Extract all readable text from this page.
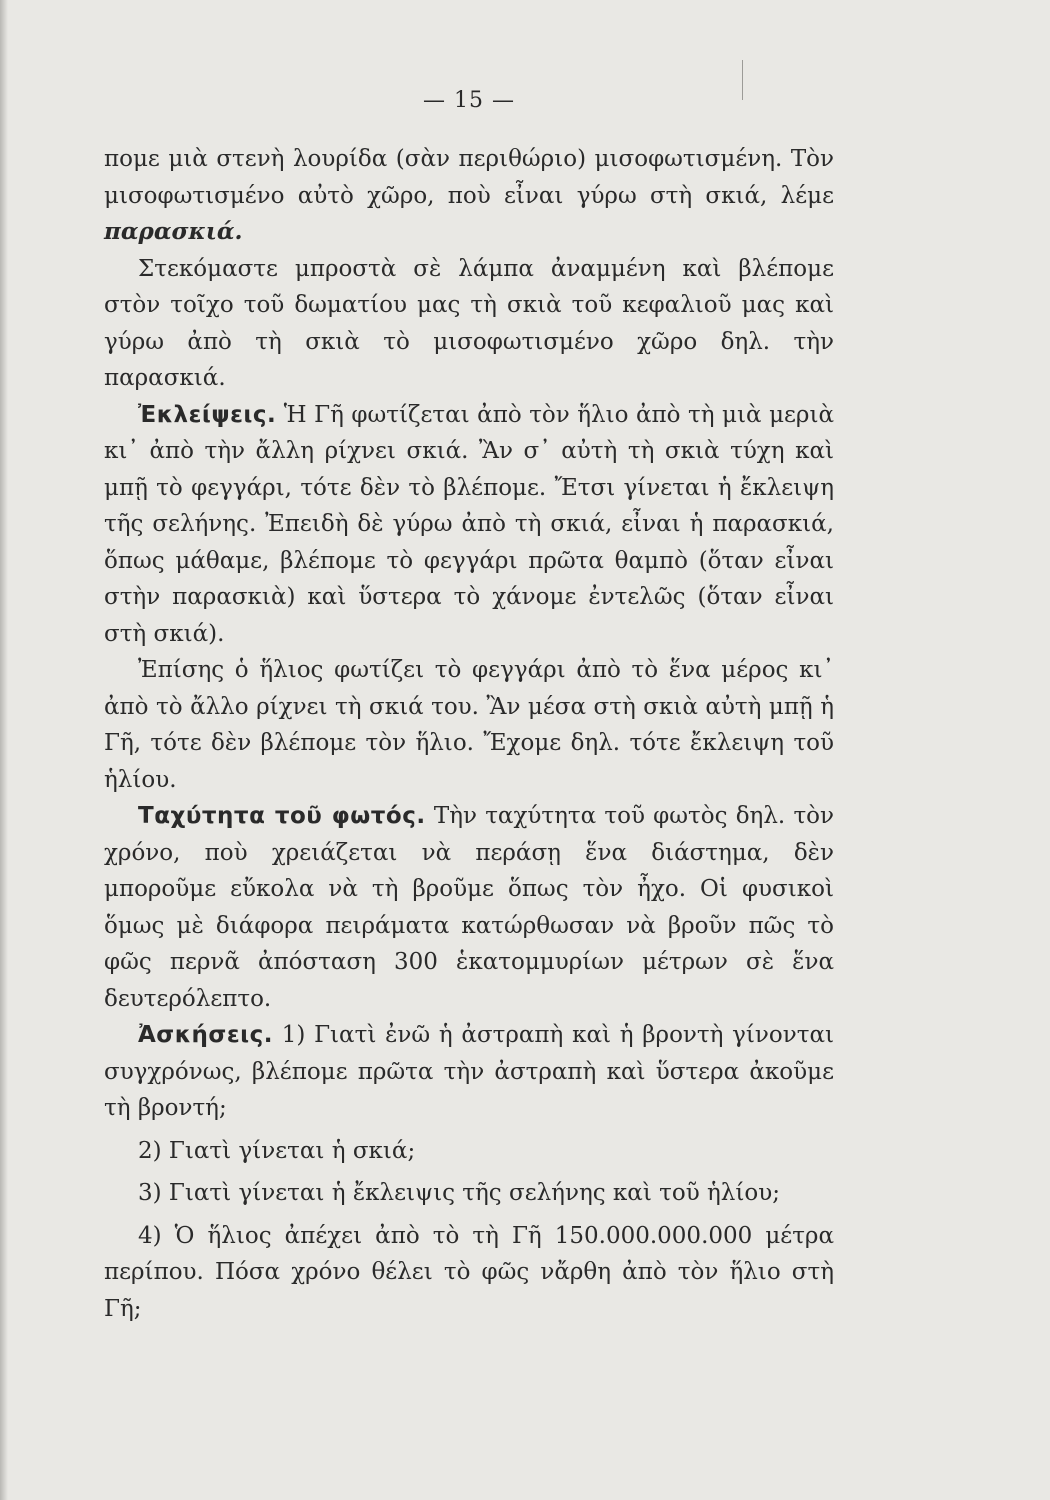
— 15 —

πομε μιὰ στενὴ λουρίδα (σὰν περιθώριο) μισοφωτισμένη. Τὸν μισοφωτισμένο αὐτὸ χῶρο, ποὺ εἶναι γύρω στὴ σκιά, λέμε παρασκιά.

Στεκόμαστε μπροστὰ σὲ λάμπα ἀναμμένη καὶ βλέπομε στὸν τοῖχο τοῦ δωματίου μας τὴ σκιὰ τοῦ κεφαλιοῦ μας καὶ γύρω ἀπὸ τὴ σκιὰ τὸ μισοφωτισμένο χῶρο δηλ. τὴν παρασκιά.

Ἐκλείψεις. Ἡ Γῆ φωτίζεται ἀπὸ τὸν ἥλιο ἀπὸ τὴ μιὰ μεριὰ κι᾽ ἀπὸ τὴν ἄλλη ρίχνει σκιά. Ἂν σ᾽ αὐτὴ τὴ σκιὰ τύχη καὶ μπῇ τὸ φεγγάρι, τότε δὲν τὸ βλέπομε. Ἔτσι γίνεται ἡ ἔκλειψη τῆς σελήνης. Ἐπειδὴ δὲ γύρω ἀπὸ τὴ σκιά, εἶναι ἡ παρασκιά, ὅπως μάθαμε, βλέπομε τὸ φεγγάρι πρῶτα θαμπὸ (ὅταν εἶναι στὴν παρασκιὰ) καὶ ὕστερα τὸ χάνομε ἐντελῶς (ὅταν εἶναι στὴ σκιά).

Ἐπίσης ὁ ἥλιος φωτίζει τὸ φεγγάρι ἀπὸ τὸ ἕνα μέρος κι᾽ ἀπὸ τὸ ἄλλο ρίχνει τὴ σκιά του. Ἂν μέσα στὴ σκιὰ αὐτὴ μπῇ ἡ Γῆ, τότε δὲν βλέπομε τὸν ἥλιο. Ἔχομε δηλ. τότε ἔκλειψη τοῦ ἡλίου.

Ταχύτητα τοῦ φωτός. Τὴν ταχύτητα τοῦ φωτὸς δηλ. τὸν χρόνο, ποὺ χρειάζεται νὰ περάσῃ ἕνα διάστημα, δὲν μποροῦμε εὔκολα νὰ τὴ βροῦμε ὅπως τὸν ἦχο. Οἱ φυσικοὶ ὅμως μὲ διάφορα πειράματα κατώρθωσαν νὰ βροῦν πῶς τὸ φῶς περνᾶ ἀπόσταση 300 ἑκατομμυρίων μέτρων σὲ ἕνα δευτερόλεπτο.

Ἀσκήσεις. 1) Γιατὶ ἐνῶ ἡ ἀστραπὴ καὶ ἡ βροντὴ γίνονται συγχρόνως, βλέπομε πρῶτα τὴν ἀστραπὴ καὶ ὕστερα ἀκοῦμε τὴ βροντή;

2) Γιατὶ γίνεται ἡ σκιά;

3) Γιατὶ γίνεται ἡ ἔκλειψις τῆς σελήνης καὶ τοῦ ἡλίου;

4) Ὁ ἥλιος ἀπέχει ἀπὸ τὸ τὴ Γῆ 150.000.000.000 μέτρα περίπου. Πόσα χρόνο θέλει τὸ φῶς νἄρθη ἀπὸ τὸν ἥλιο στὴ Γῆ;
